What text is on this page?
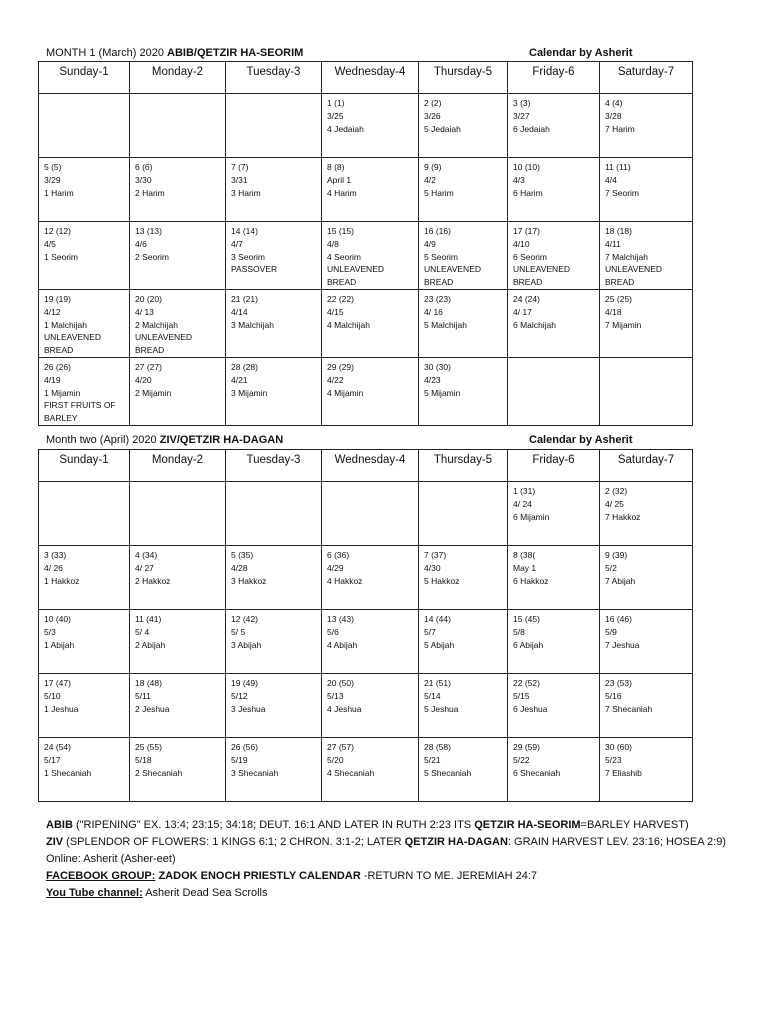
MONTH 1 (March) 2020 ABIB/QETZIR HA-SEORIM	Calendar by Asherit
Sunday-1	Monday-2	Tuesday-3	Wednesday-4	Thursday-5	Friday-6	Saturday-7

			1 (1)
3/25
4 Jedaiah	2 (2)
3/26
5 Jedaiah	3 (3)
3/27
6 Jedaiah	4 (4)
3/28
7 Harim

5 (5)
3/29
1 Harim	6 (6)
3/30
2 Harim	7 (7)
3/31
3 Harim	8 (8)
April 1
4 Harim	9 (9)
4/2
5 Harim	10 (10)
4/3
6 Harim	11 (11)
4/4
7 Seorim

12 (12)
4/5
1 Seorim	13 (13)
4/6
2 Seorim	14 (14)
4/7
3 Seorim
PASSOVER	15 (15)
4/8
4 Seorim
UNLEAVENED
BREAD	16 (16)
4/9
5 Seorim
UNLEAVENED
BREAD	17 (17)
4/10
6 Seorim
UNLEAVENED
BREAD	18 (18)
4/11
7 Malchijah
UNLEAVENED
BREAD

19 (19)
4/12
1 Malchijah
UNLEAVENED
BREAD	20 (20)
4/ 13
2 Malchijah
UNLEAVENED
BREAD	21 (21)
4/14
3 Malchijah	22 (22)
4/15
4 Malchijah	23 (23)
4/ 16
5 Malchijah	24 (24)
4/ 17
6 Malchijah	25 (25)
4/18
7 Mijamin

26 (26)
4/19
1 Mijamin
FIRST FRUITS OF
BARLEY	27 (27)
4/20
2 Mijamin	28 (28)
4/21
3 Mijamin	29 (29)
4/22
4 Mijamin	30 (30)
4/23
5 Mijamin		

Month two (April) 2020 ZIV/QETZIR HA-DAGAN	Calendar by Asherit
Sunday-1	Monday-2	Tuesday-3	Wednesday-4	Thursday-5	Friday-6	Saturday-7

					1 (31)
4/ 24
6 Mijamin	2 (32)
4/ 25
7 Hakkoz

3 (33)
4/ 26
1 Hakkoz	4 (34)
4/ 27
2 Hakkoz	5 (35)
4/28
3 Hakkoz	6 (36)
4/29
4 Hakkoz	7 (37)
4/30
5 Hakkoz	8 (38(
May 1
6 Hakkoz	9 (39)
5/2
7 Abijah

10 (40)
5/3
1 Abijah	11 (41)
5/ 4
2 Abijah	12 (42)
5/ 5
3 Abijah	13 (43)
5/6
4 Abijah	14 (44)
5/7
5 Abijah	15 (45)
5/8
6 Abijah	16 (46)
5/9
7 Jeshua

17 (47)
5/10
1 Jeshua	18 (48)
5/11
2 Jeshua	19 (49)
5/12
3 Jeshua	20 (50)
5/13
4 Jeshua	21 (51)
5/14
5 Jeshua	22 (52)
5/15
6 Jeshua	23 (53)
5/16
7 Shecaniah

24 (54)
5/17
1 Shecaniah	25 (55)
5/18
2 Shecaniah	26 (56)
5/19
3 Shecaniah	27 (57)
5/20
4 Shecaniah	28 (58)
5/21
5 Shecaniah	29 (59)
5/22
6 Shecaniah	30 (60)
5/23
7 Eliashib
ABIB ("RIPENING" EX. 13:4; 23:15; 34:18; DEUT. 16:1 AND LATER IN RUTH 2:23 ITS QETZIR HA-SEORIM=BARLEY HARVEST)
ZIV (SPLENDOR OF FLOWERS: 1 KINGS 6:1; 2 CHRON. 3:1-2; LATER QETZIR HA-DAGAN: GRAIN HARVEST LEV. 23:16; HOSEA 2:9)
Online: Asherit (Asher-eet)
FACEBOOK GROUP: ZADOK ENOCH PRIESTLY CALENDAR -RETURN TO ME. JEREMIAH 24:7
You Tube channel: Asherit Dead Sea Scrolls
